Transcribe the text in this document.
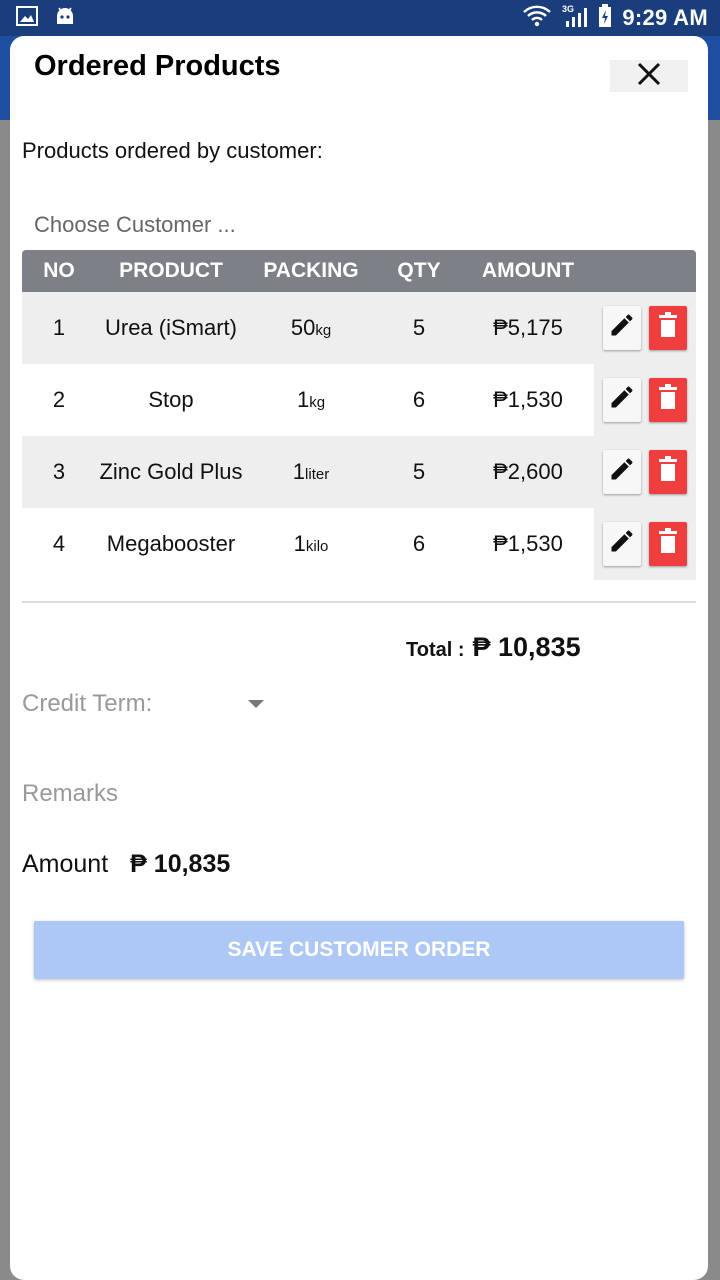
3G 9:29 AM
Ordered Products
Products ordered by customer:
Choose Customer ...
NO	PRODUCT	PACKING	QTY	AMOUNT
1	Urea (iSmart)	50kg	5	₱5,175
2	Stop	1kg	6	₱1,530
3	Zinc Gold Plus	1liter	5	₱2,600
4	Megabooster	1kilo	6	₱1,530
Total : ₱ 10,835
Credit Term:
Remarks
Amount ₱ 10,835
SAVE CUSTOMER ORDER
